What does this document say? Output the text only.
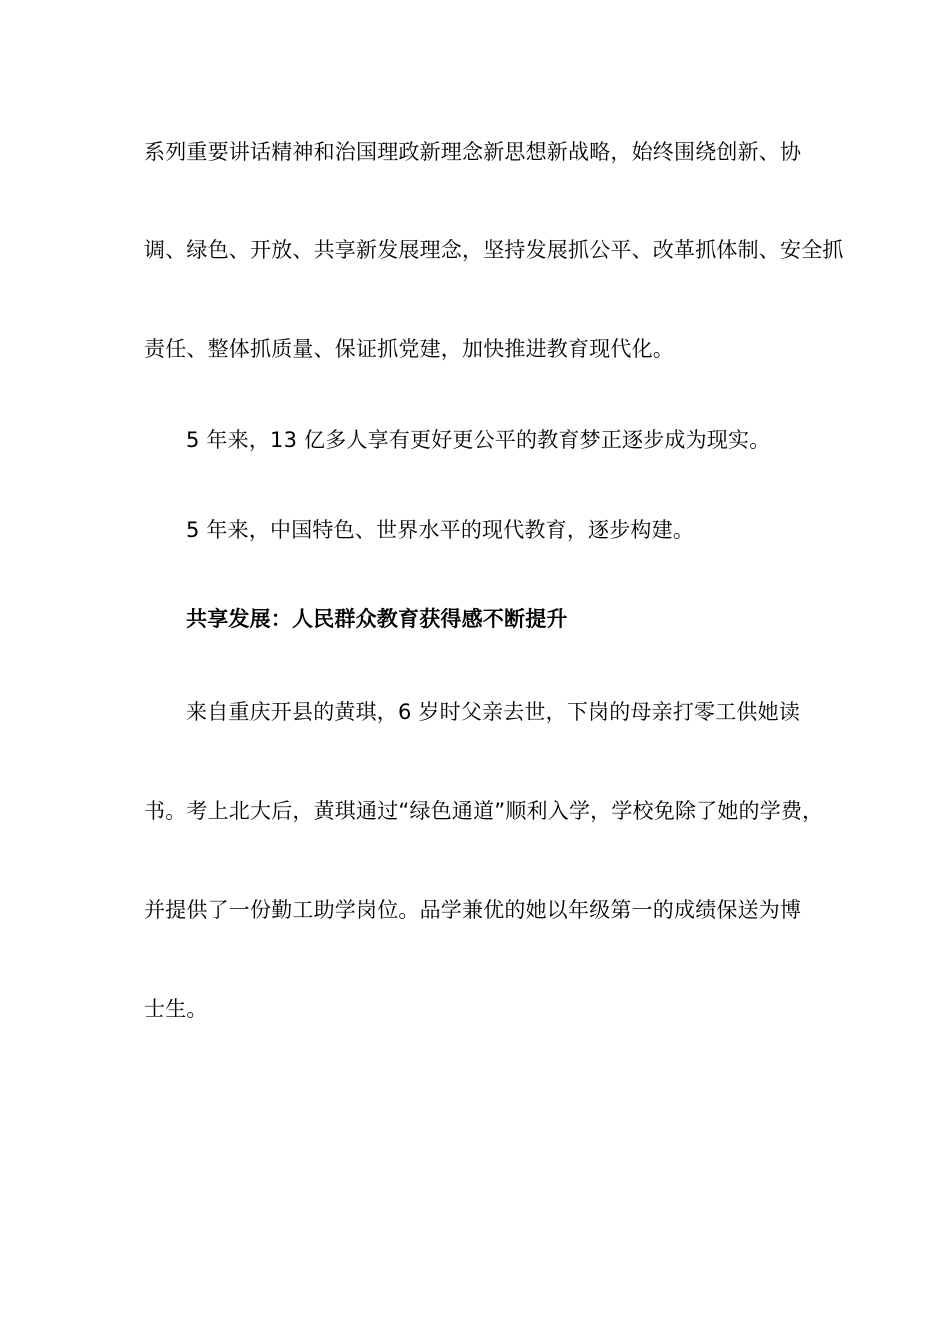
系列重要讲话精神和治国理政新理念新思想新战略，始终围绕创新、协
调、绿色、开放、共享新发展理念，坚持发展抓公平、改革抓体制、安全抓
责任、整体抓质量、保证抓党建，加快推进教育现代化。
5 年来，13 亿多人享有更好更公平的教育梦正逐步成为现实。
5 年来，中国特色、世界水平的现代教育，逐步构建。
共享发展：人民群众教育获得感不断提升
来自重庆开县的黄琪，6 岁时父亲去世，下岗的母亲打零工供她读
书。考上北大后，黄琪通过“绿色通道”顺利入学，学校免除了她的学费，
并提供了一份勤工助学岗位。品学兼优的她以年级第一的成绩保送为博
士生。
